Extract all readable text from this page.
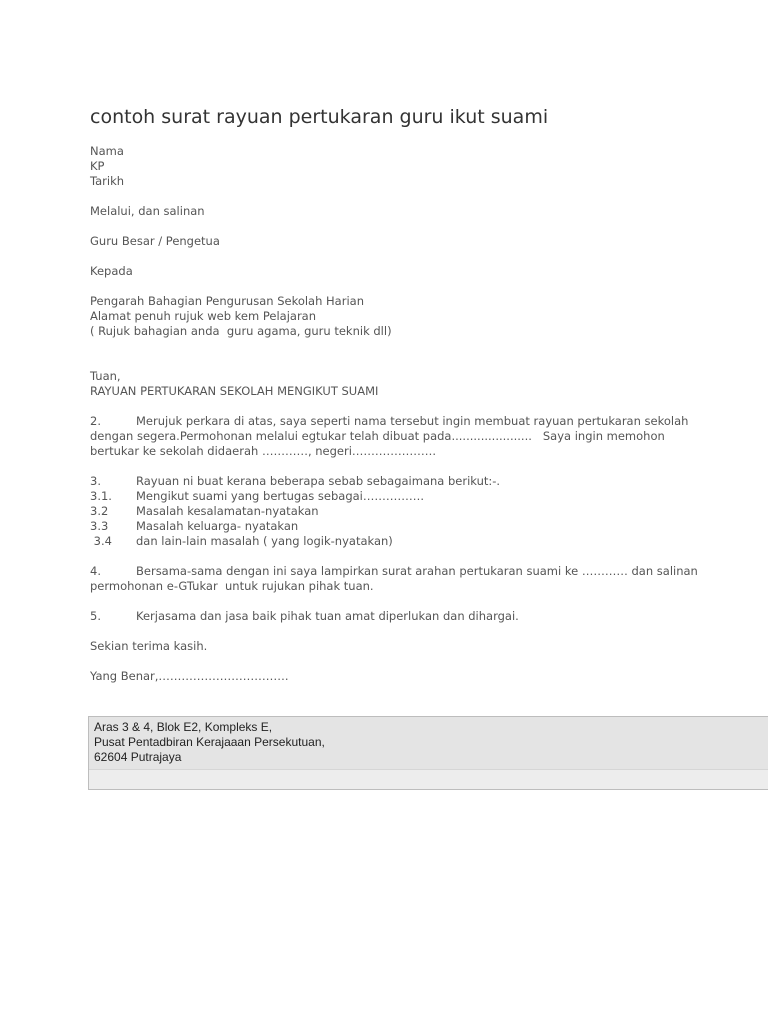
contoh surat rayuan pertukaran guru ikut suami
Nama
KP
Tarikh
Melalui, dan salinan
Guru Besar / Pengetua
Kepada
Pengarah Bahagian Pengurusan Sekolah Harian
Alamat penuh rujuk web kem Pelajaran
( Rujuk bahagian anda  guru agama, guru teknik dll)
Tuan,
RAYUAN PERTUKARAN SEKOLAH MENGIKUT SUAMI
2.	Merujuk perkara di atas, saya seperti nama tersebut ingin membuat rayuan pertukaran sekolah
dengan segera.Permohonan melalui egtukar telah dibuat pada......................   Saya ingin memohon
bertukar ke sekolah didaerah …………, negeri………………….
3.	Rayuan ni buat kerana beberapa sebab sebagaimana berikut:-.
3.1. Mengikut suami yang bertugas sebagai…………….
3.2 Masalah kesalamatan-nyatakan
3.3 Masalah keluarga- nyatakan
3.4 dan lain-lain masalah ( yang logik-nyatakan)
4.	Bersama-sama dengan ini saya lampirkan surat arahan pertukaran suami ke ………… dan salinan
permohonan e-GTukar  untuk rujukan pihak tuan.
5.	Kerjasama dan jasa baik pihak tuan amat diperlukan dan dihargai.
Sekian terima kasih.
Yang Benar,…………………………….
Aras 3 & 4, Blok E2, Kompleks E,
Pusat Pentadbiran Kerajaaan Persekutuan,
62604 Putrajaya
